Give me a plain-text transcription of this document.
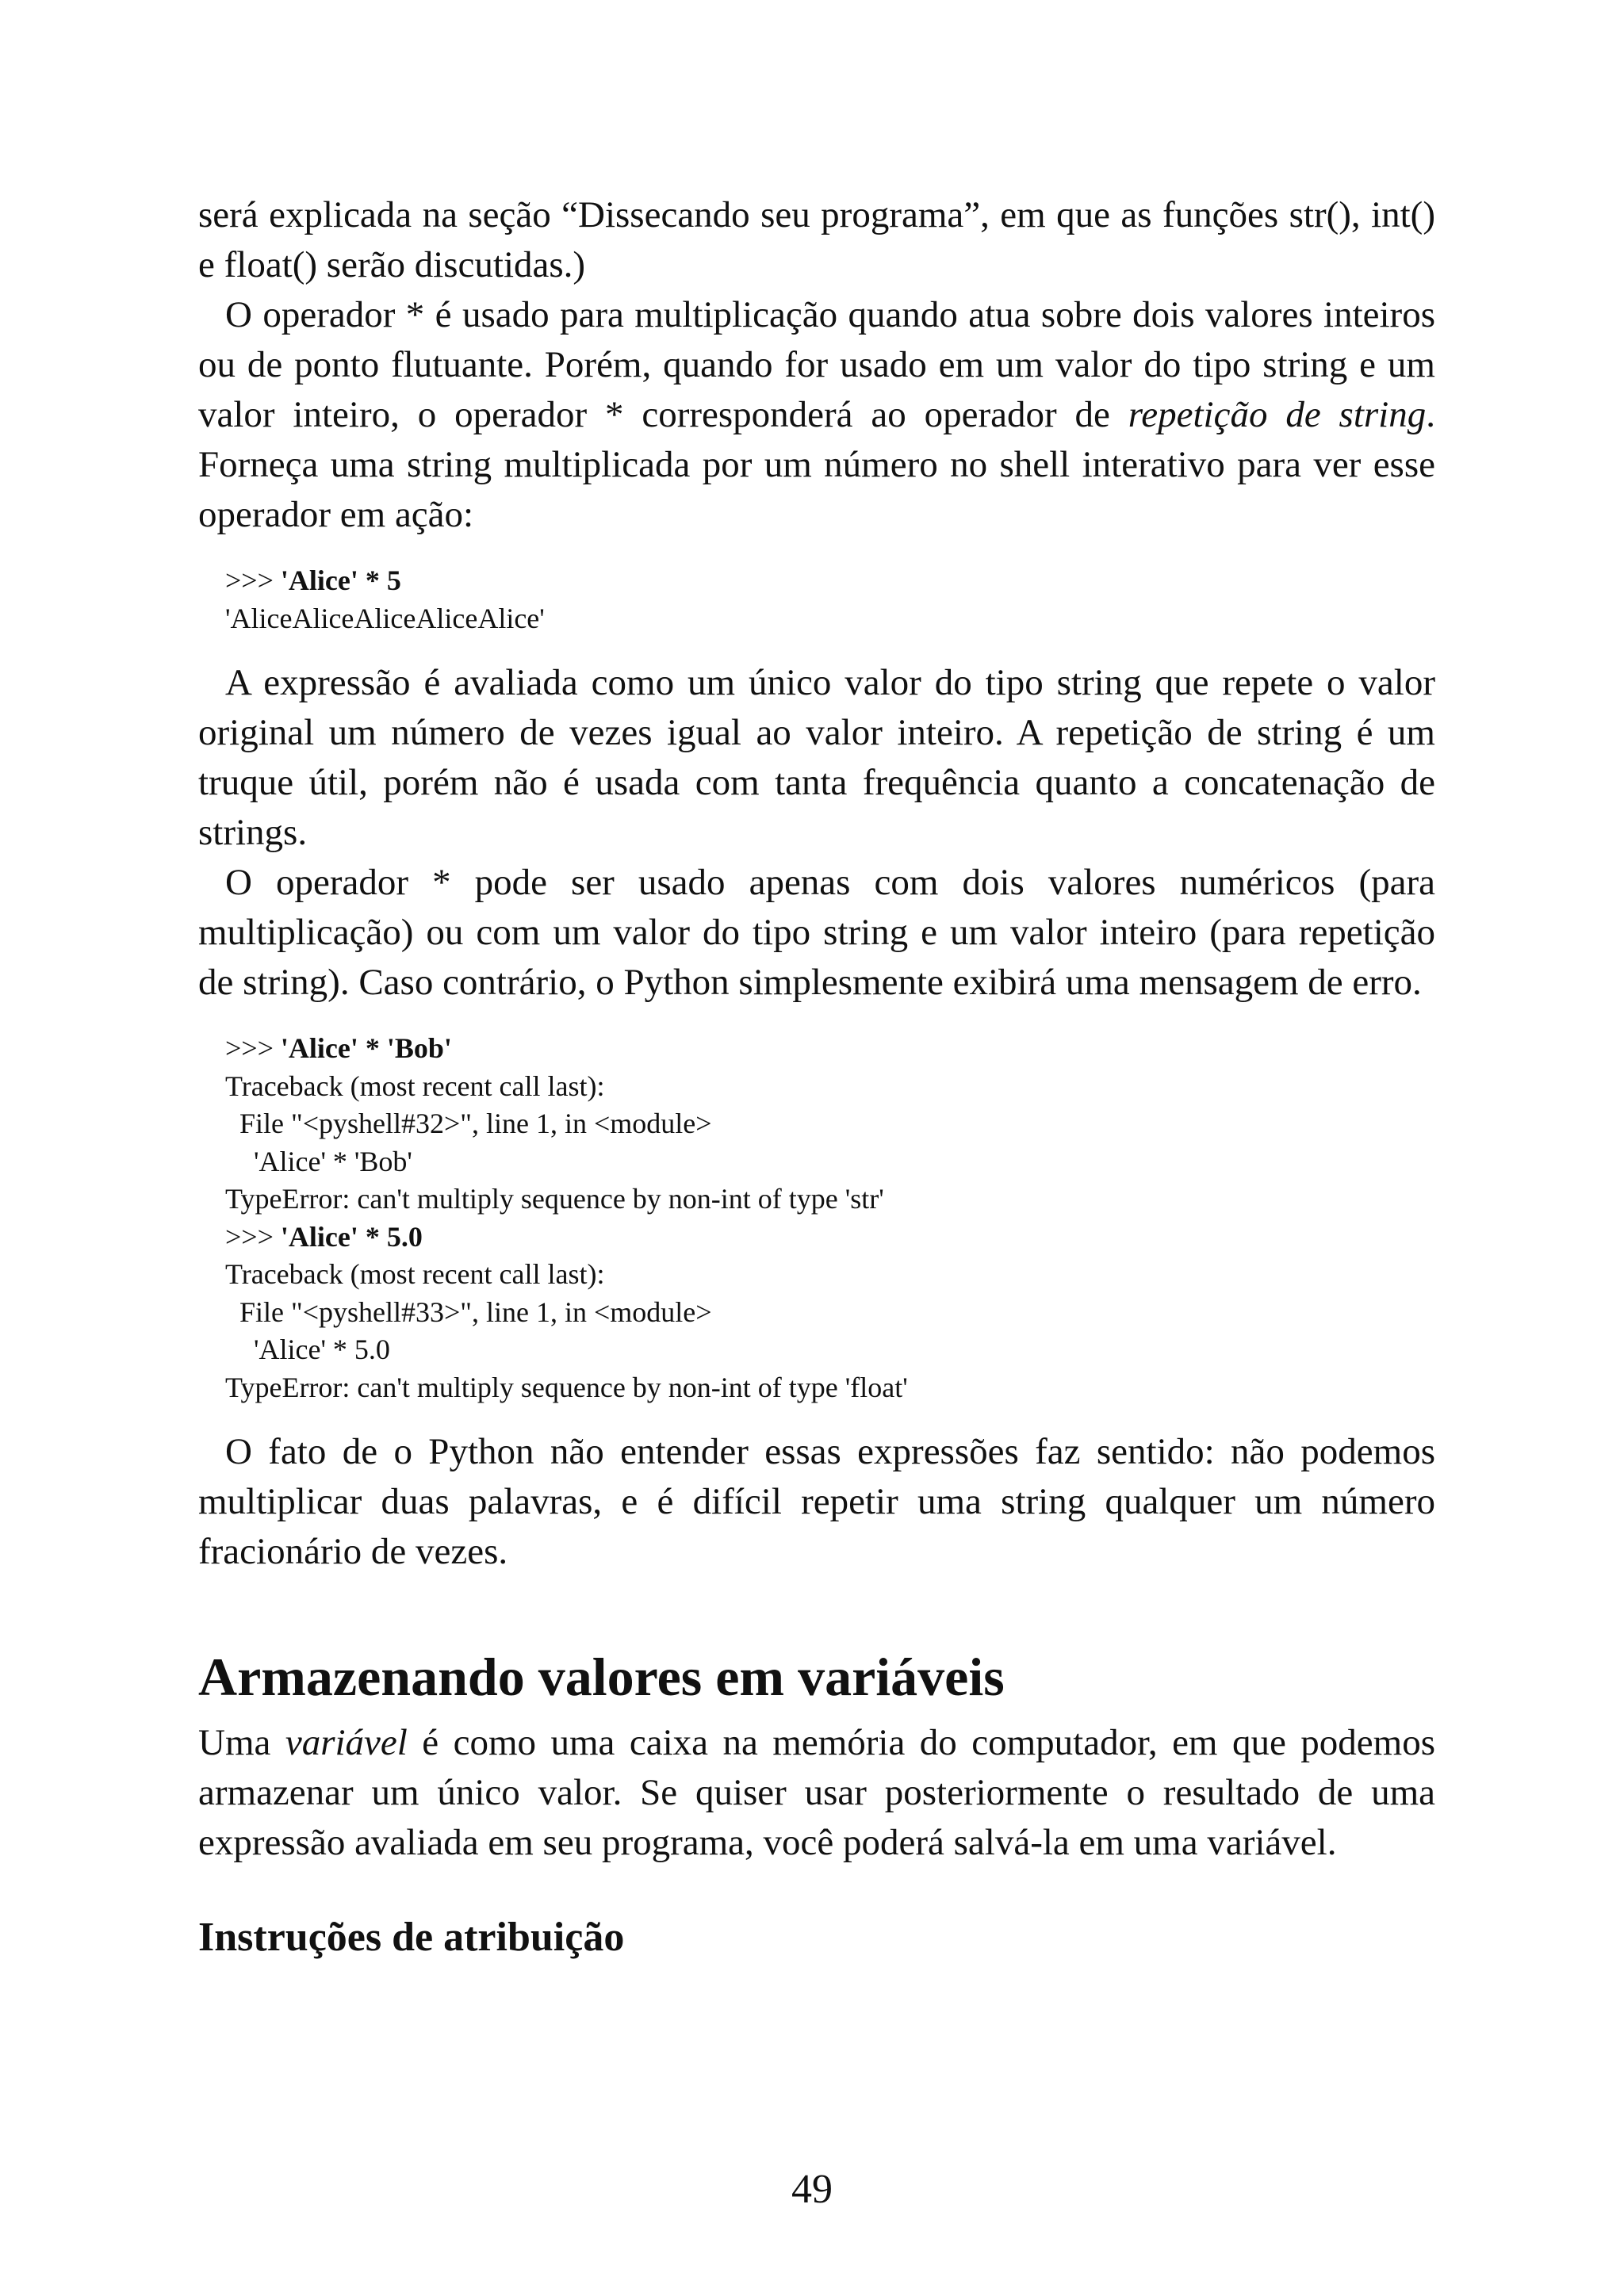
será explicada na seção “Dissecando seu programa”, em que as funções str(), int() e float() serão discutidas.)

O operador * é usado para multiplicação quando atua sobre dois valores inteiros ou de ponto flutuante. Porém, quando for usado em um valor do tipo string e um valor inteiro, o operador * corresponderá ao operador de repetição de string. Forneça uma string multiplicada por um número no shell interativo para ver esse operador em ação:

>>> 'Alice' * 5
'AliceAliceAliceAliceAlice'

A expressão é avaliada como um único valor do tipo string que repete o valor original um número de vezes igual ao valor inteiro. A repetição de string é um truque útil, porém não é usada com tanta frequência quanto a concatenação de strings.

O operador * pode ser usado apenas com dois valores numéricos (para multiplicação) ou com um valor do tipo string e um valor inteiro (para repetição de string). Caso contrário, o Python simplesmente exibirá uma mensagem de erro.

>>> 'Alice' * 'Bob'
Traceback (most recent call last):
File "<pyshell#32>", line 1, in <module>
'Alice' * 'Bob'
TypeError: can't multiply sequence by non-int of type 'str'
>>> 'Alice' * 5.0
Traceback (most recent call last):
File "<pyshell#33>", line 1, in <module>
'Alice' * 5.0
TypeError: can't multiply sequence by non-int of type 'float'

O fato de o Python não entender essas expressões faz sentido: não podemos multiplicar duas palavras, e é difícil repetir uma string qualquer um número fracionário de vezes.

Armazenando valores em variáveis

Uma variável é como uma caixa na memória do computador, em que podemos armazenar um único valor. Se quiser usar posteriormente o resultado de uma expressão avaliada em seu programa, você poderá salvá-la em uma variável.

Instruções de atribuição
49
